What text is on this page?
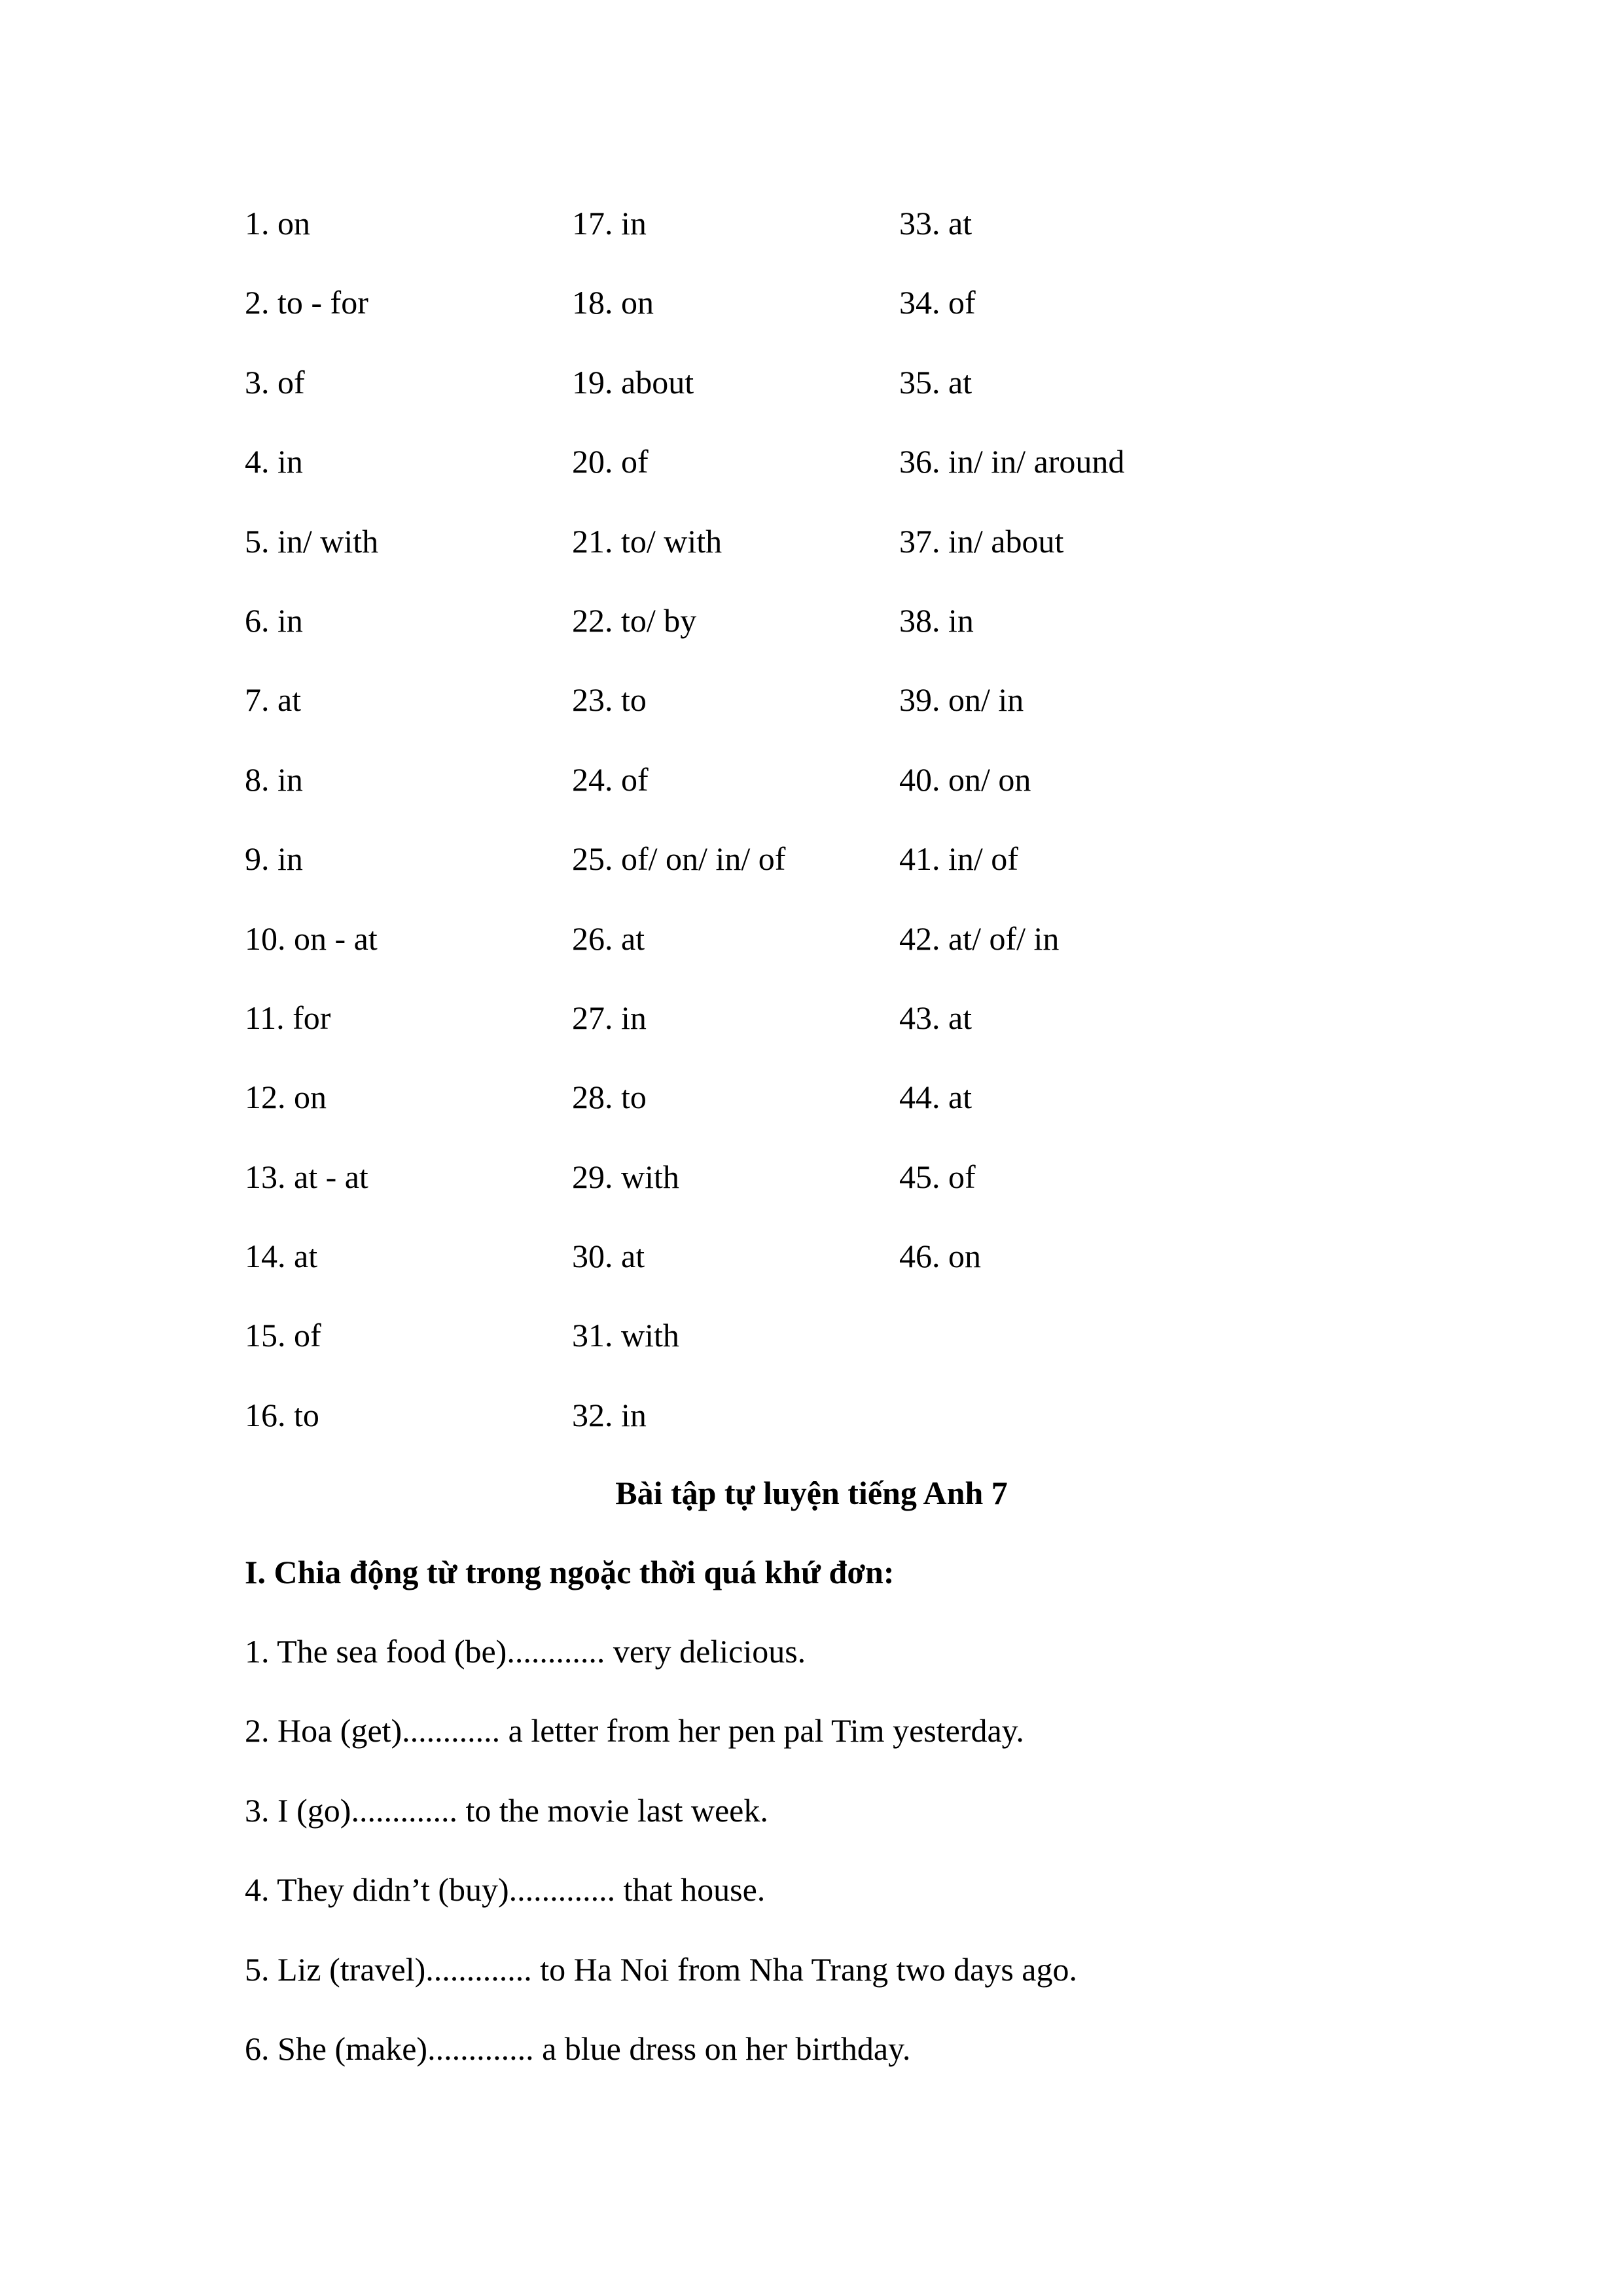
1. on	17. in	33. at
2. to - for	18. on	34. of
3. of	19. about	35. at
4. in	20. of	36. in/ in/ around
5. in/ with	21. to/ with	37. in/ about
6. in	22. to/ by	38. in
7. at	23. to	39. on/ in
8. in	24. of	40. on/ on
9. in	25. of/ on/ in/ of	41. in/ of
10. on - at	26. at	42. at/ of/ in
11. for	27. in	43. at
12. on	28. to	44. at
13. at - at	29. with	45. of
14. at	30. at	46. on
15. of	31. with
16. to	32. in
Bài tập tự luyện tiếng Anh 7
I. Chia động từ trong ngoặc thời quá khứ đơn:
1. The sea food (be)............ very delicious.
2. Hoa (get)............ a letter from her pen pal Tim yesterday.
3. I (go)............. to the movie last week.
4. They didn’t (buy)............. that house.
5. Liz (travel)............. to Ha Noi from Nha Trang two days ago.
6. She (make)............. a blue dress on her birthday.
